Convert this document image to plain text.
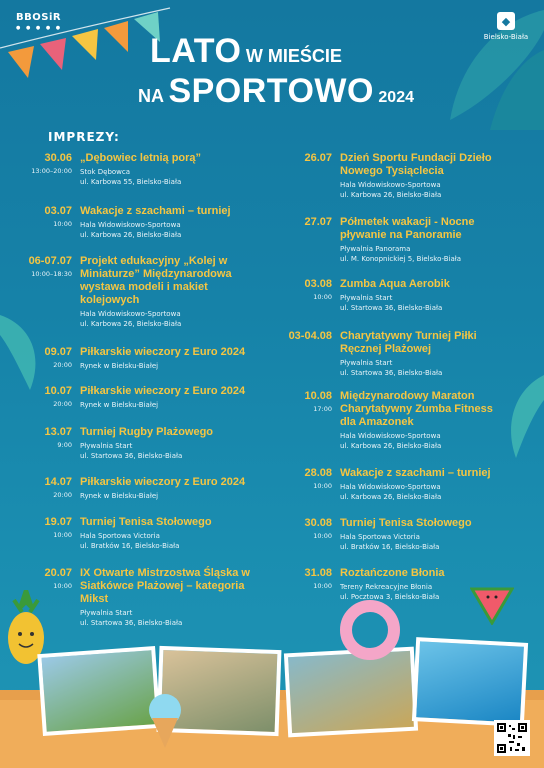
BBOSiR
● ● ● ● ●
◆
Bielsko-Biała
LATO W MIEŚCIE
NA SPORTOWO 2024
IMPREZY:
30.06
13:00–20:00
„Dębowiec letnią porą”
Stok Dębowca
ul. Karbowa 55, Bielsko-Biała
03.07
10:00
Wakacje z szachami – turniej
Hala Widowiskowo-Sportowa
ul. Karbowa 26, Bielsko-Biała
06-07.07
10:00–18:30
Projekt edukacyjny „Kolej w Miniaturze” Międzynarodowa wystawa modeli i makiet kolejowych
Hala Widowiskowo-Sportowa
ul. Karbowa 26, Bielsko-Biała
09.07
20:00
Piłkarskie wieczory z Euro 2024
Rynek w Bielsku-Białej
10.07
20:00
Piłkarskie wieczory z Euro 2024
Rynek w Bielsku-Białej
13.07
9:00
Turniej Rugby Plażowego
Pływalnia Start
ul. Startowa 36, Bielsko-Biała
14.07
20:00
Piłkarskie wieczory z Euro 2024
Rynek w Bielsku-Białej
19.07
10:00
Turniej Tenisa Stołowego
Hala Sportowa Victoria
ul. Bratków 16, Bielsko-Biała
20.07
10:00
IX Otwarte Mistrzostwa Śląska w Siatkówce Plażowej – kategoria Mikst
Pływalnia Start
ul. Startowa 36, Bielsko-Biała
26.07 Dzień Sportu Fundacji Dzieło Nowego Tysiąclecia
Hala Widowiskowo-Sportowa
ul. Karbowa 26, Bielsko-Biała
27.07 Półmetek wakacji - Nocne pływanie na Panoramie
Pływalnia Panorama
ul. M. Konopnickiej 5, Bielsko-Biała
03.08
10:00
Zumba Aqua Aerobik
Pływalnia Start
ul. Startowa 36, Bielsko-Biała
03-04.08 Charytatywny Turniej Piłki Ręcznej Plażowej
Pływalnia Start
ul. Startowa 36, Bielsko-Biała
10.08
17:00
Międzynarodowy Maraton Charytatywny Zumba Fitness dla Amazonek
Hala Widowiskowo-Sportowa
ul. Karbowa 26, Bielsko-Biała
28.08
10:00
Wakacje z szachami – turniej
Hala Widowiskowo-Sportowa
ul. Karbowa 26, Bielsko-Biała
30.08
10:00
Turniej Tenisa Stołowego
Hala Sportowa Victoria
ul. Bratków 16, Bielsko-Biała
31.08
10:00
Roztańczone Błonia
Tereny Rekreacyjne Błonia
ul. Pocztowa 3, Bielsko-Biała
